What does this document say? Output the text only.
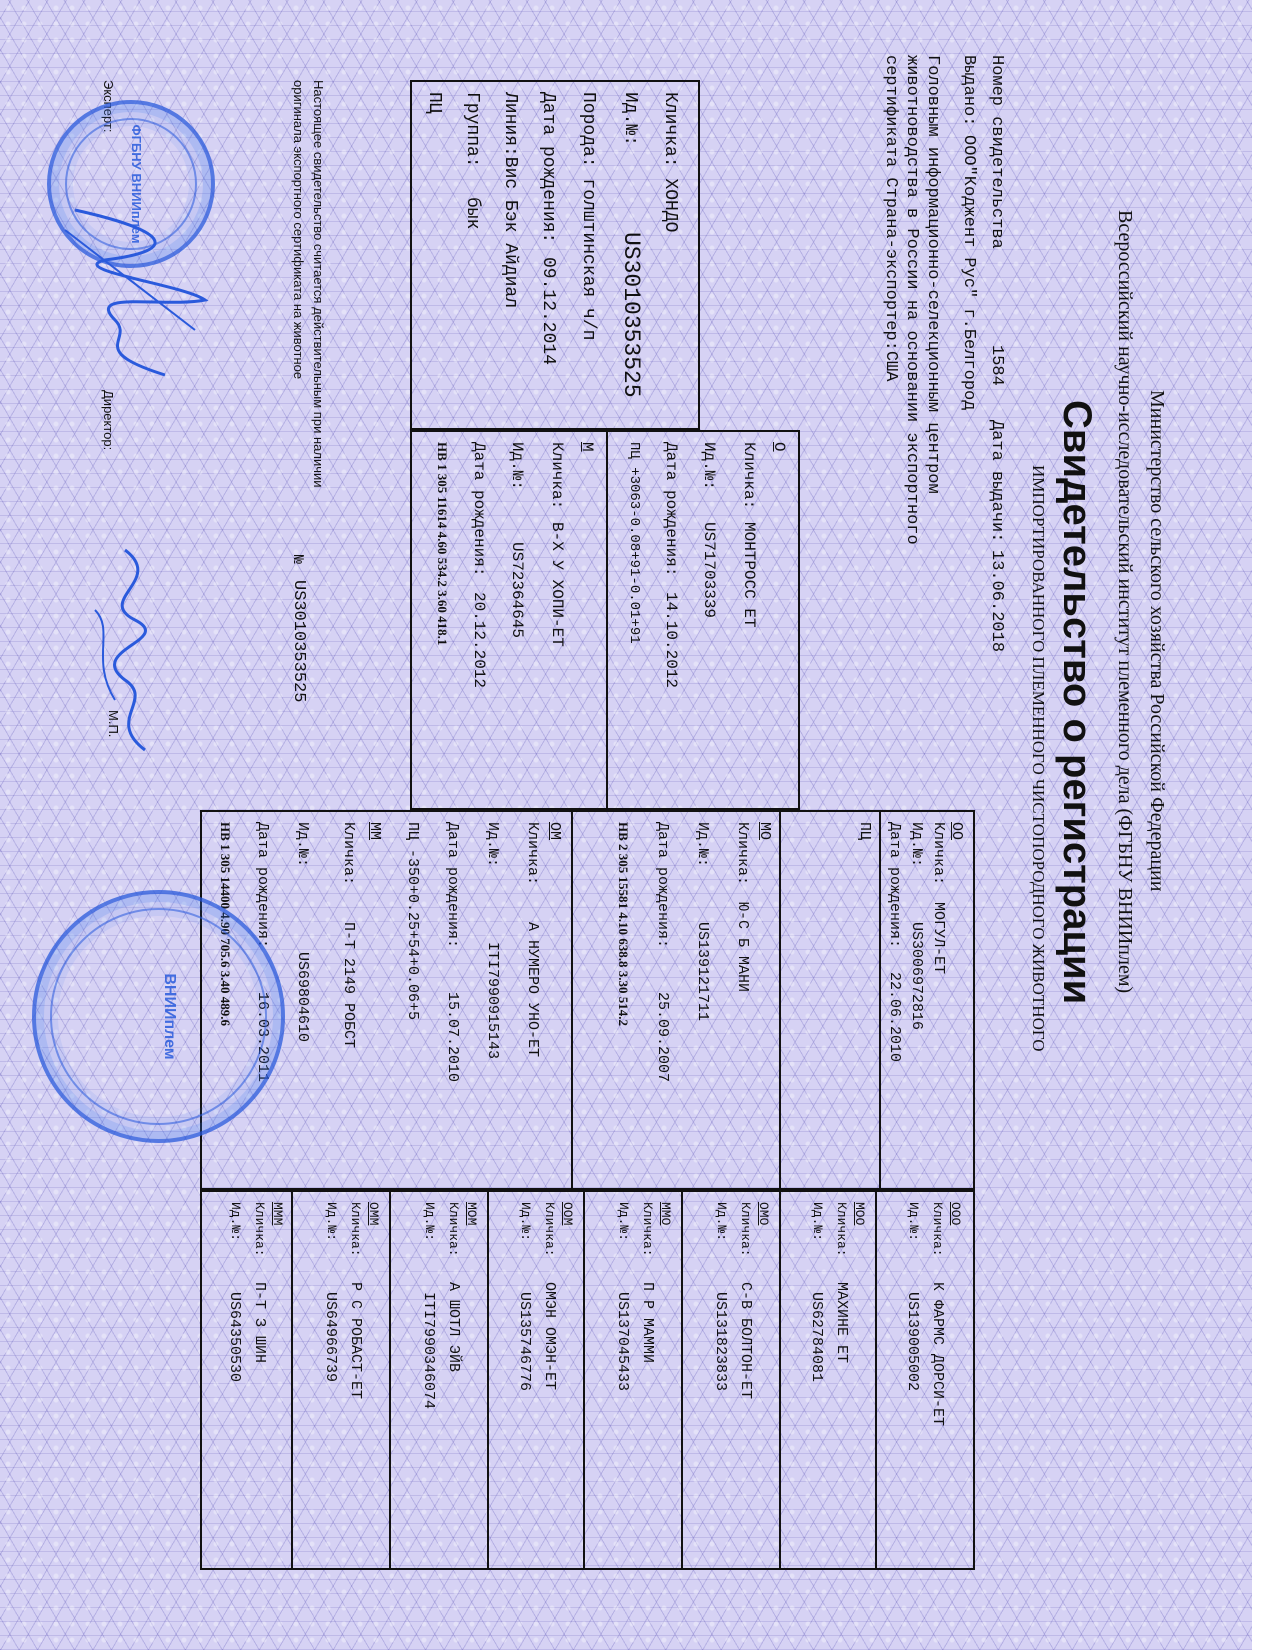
Министерство сельского хозяйства Российской Федерации
Всероссийский научно-исследовательский институт племенного дела (ФГБНУ ВНИИплем)
Свидетельство о регистрации
ИМПОРТИРОВАННОГО ПЛЕМЕННОГО ЧИСТОПОРОДНОГО ЖИВОТНОГО
Номер свидетельства
1584
Дата выдачи:
13.06.2018
Выдано:
ООО"Коджент Рус" г.Белгород
Головным информационно-селекционным центром
животноводства в России на основании экспортного
сертификата Страна-экспортер:США
Кличка: ХОНДО
Ид.№:
US3010353525
Порода: голштинская ч/п
Дата рождения:
09.12.2014
Линия:Вис Бэк Айдиал
Группа:
бык
ПЦ
О
Кличка:
МОНТРОСС ЕТ
Ид.№:
US71703339
Дата рождения:
14.10.2012
ПЦ +3063-0.08+91-0.01+91
М
Кличка:
В-Х У ХОПИ-ЕТ
Ид.№:
US72364645
Дата рождения:
20.12.2012
НВ 1 305 11614 4.60 534.2 3.60 418.1
ОО
Кличка:
МОГУЛ-ЕТ
Ид.№:
US3006972816
Дата рождения:
22.06.2010
ПЦ
МО
Кличка:
Ю-С Б МАНИ
Ид.№:
US139121711
Дата рождения:
25.09.2007
НВ 2 305 15581 4.10 638.8 3.30 514.2
ОМ
Кличка:
А НУМЕРО УНО-ЕТ
Ид.№:
ITI7990915143
Дата рождения:
15.07.2010
ПЦ -350+0.25+54+0.06+5
ММ
Кличка:
П-Т 2149 РОБСТ
Ид.№:
US69804610
Дата рождения:
16.03.2011
НВ 1 305 14400 4.90 705.6 3.40 489.6
ООО
Кличка:
К ФАРМС ДОРСИ-ЕТ
Ид.№:
US139005002
МОО
Кличка:
МАХИНЕ ЕТ
Ид.№:
US62784081
ОМО
Кличка:
С-В БОЛТОН-ЕТ
Ид.№:
US131823833
ММО
Кличка:
П Р МАММИ
Ид.№:
US137045433
ООМ
Кличка:
ОМЭН ОМЭН-ЕТ
Ид.№:
US135746776
МОМ
Кличка:
А ШОТЛ ЭЙВ
Ид.№:
ITI7990346074
ОММ
Кличка:
Р С РОБАСТ-ЕТ
Ид.№:
US64966739
МММ
Кличка:
П-Т З ШИН
Ид.№:
US64350530
Настоящее свидетельство считается действительным при наличии
оригинала экспортного сертификата на животное
№
US3010353525
Эксперт:
Директор:
М.П.
ФГБНУ ВНИИплем
ВНИИплем
